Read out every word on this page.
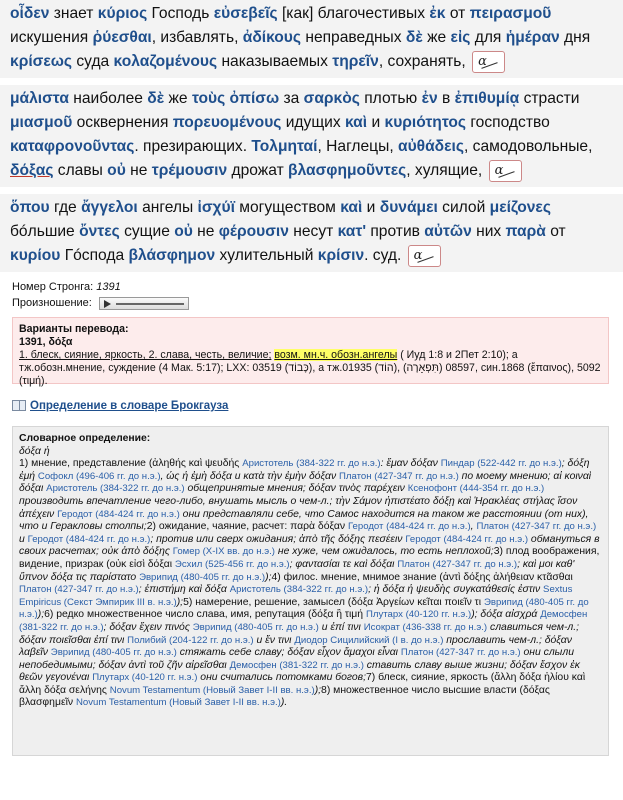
οἶδεν знает κύριος Господь εὐσεβεῖς [как] благочестивых ἐκ от πειρασμοῦ искушения ῥύεσθαι, избавлять, ἀδίκους неправедных δὲ же εἰς для ἡμέραν дня κρίσεως суда κολαζομένους наказываемых τηρεῖν, сохранять, α
μάλιστα наиболее δὲ же τοὺς ὀπίσω за σαρκὸς плотью ἐν в ἐπιθυμίᾳ страсти μιασμοῦ осквернения πορευομένους идущих καὶ и κυριότητος господство καταφρονοῦντας. презирающих. Τολμηταί, Наглецы, αὐθάδεις, самодовольные, δόξας славы οὐ не τρέμουσιν дрожат βλασφημοῦντες, хулящие, α
ὅπου где ἄγγελοι ангелы ἰσχύϊ могуществом καὶ и δυνάμει силой μείζονες бóльшие ὄντες сущие οὐ не φέρουσιν несут κατ' против αὐτῶν них παρὰ от κυρίου Гóспода βλάσφημον хулительный κρίσιν. суд. α
Номер Стронга: 1391
Произношение:
Варианты перевода:
1391, δόξα
1. блеск, сияние, яркость, 2. слава, честь, величие; возм. мн.ч. обозн.ангелы ( Иуд 1:8 и 2Пет 2:10); а тж.обозн.мнение, суждение (4 Мак. 5:17); LXX: 03519 (כָּבוֹד), а тж.01935 (הוֹד), 08597 (תִּפְאָרָה), син.1868 (ἔπαινος), 5092 (τιμή).
Определение в словаре Брокгауза

Словарное определение:

δόξα ἡ

1) мнение, представление (ἀληθής καὶ ψευδής Аристотель (384-322 гг. до н.э.): ἔμαν δόξαν Пиндар (522-442 гг. до н.э.); δόξη ἐμή Софокл (496-406 гг. до н.э.), ὡς ἡ ἐμὴ δόξα и κατὰ τὴν ἐμὴν δόξαν Платон (427-347 гг. до н.э.) по моему мнению; αἱ κοιναὶ δόξαι Аристотель (384-322 гг. до н.э.) общепринятые мнения; δόξαν τινὸς παρέχειν Ксенофонт (444-354 гг. до н.э.) производить впечатление чего-либо, внушать мысль о чем-л.; τὴν Σάμον ἠπιστέατο δόξῃ καὶ Ἡρακλέας στήλας ἴσον ἀπέχειν Геродот (484-424 гг. до н.э.) они представляли себе, что Самос находится на таком же расстоянии (от них), что и Геракловы столпы;2) ожидание, чаяние, расчет: παρὰ δόξαν Геродот (484-424 гг. до н.э.), Платон (427-347 гг. до н.э.) и Геродот (484-424 гг. до н.э.); против или сверх ожидания; ἀπὸ τῆς δόξης πεσέειν Геродот (484-424 гг. до н.э.) обмануться в своих расчетах; οὐκ ἀπὸ δόξης Гомер (X-IX вв. до н.э.) не хуже, чем ожидалось, то есть неплохой;3) плод воображения, видение, призрак (οὐκ εἰσὶ δόξαι Эсхил (525-456 гг. до н.э.); φαντασίαι τε καὶ δόξαι Платон (427-347 гг. до н.э.); καὶ μοι καθ' ὕπνον δόξα τις παρίστατο Эврипид (480-405 гг. до н.э.));4) филос. мнение, мнимое знание (ἀντὶ δόξης ἀλήθειαν κτᾶσθαι Платон (427-347 гг. до н.э.); ἐπιστήμη καὶ δόξα Аристотель (384-322 гг. до н.э.); ἡ δόξα ἡ ψευδὴς συγκατάθεσίς ἐστιν Sextus Empiricus (Секст Эмпирик III в. н.э.));5) намерение, решение, замысел (δόξα Ἀργείων κεῖται ποιεῖν τι Эврипид (480-405 гг. до н.э.));6) редко множественное число слава, имя, репутация (δόξα ἢ τιμή Плутарх (40-120 гг. н.э.)); δόξα αἰσχρά Демосфен (381-322 гг. до н.э.); δόξαν ἔχειν πινός Эврипид (480-405 гг. до н.э.) и ἐπί τινι Исократ (436-338 гг. до н.э.) славиться чем-л.; δόξαν ποιεῖσθαι ἐπί τινι Полибий (204-122 гг. до н.э.) и ἔν τινι Диодор Сицилийский (I в. до н.э.) прославить чем-л.; δόξαν λαβεῖν Эврипид (480-405 гг. до н.э.) стяжать себе славу; δόξαν εἶχον ἄμαχοι εἶναι Платон (427-347 гг. до н.э.) они слыли непобедимыми; δόξαν ἀντὶ τοῦ ζῆν αἱρεῖσθαι Демосфен (381-322 гг. до н.э.) ставить славу выше жизни; δόξαν ἔσχον ἐκ θεῶν γεγονέναι Плутарх (40-120 гг. н.э.) они считались потомками богов;7) блеск, сияние, яркость (ἄλλη δόξα ἡλίου καὶ ἄλλη δόξα σελήνης Novum Testamentum (Новый Завет I-II вв. н.э.));8) множественное число высшие власти (δόξας βλασφημεῖν Novum Testamentum (Новый Завет I-II вв. н.э.)).
